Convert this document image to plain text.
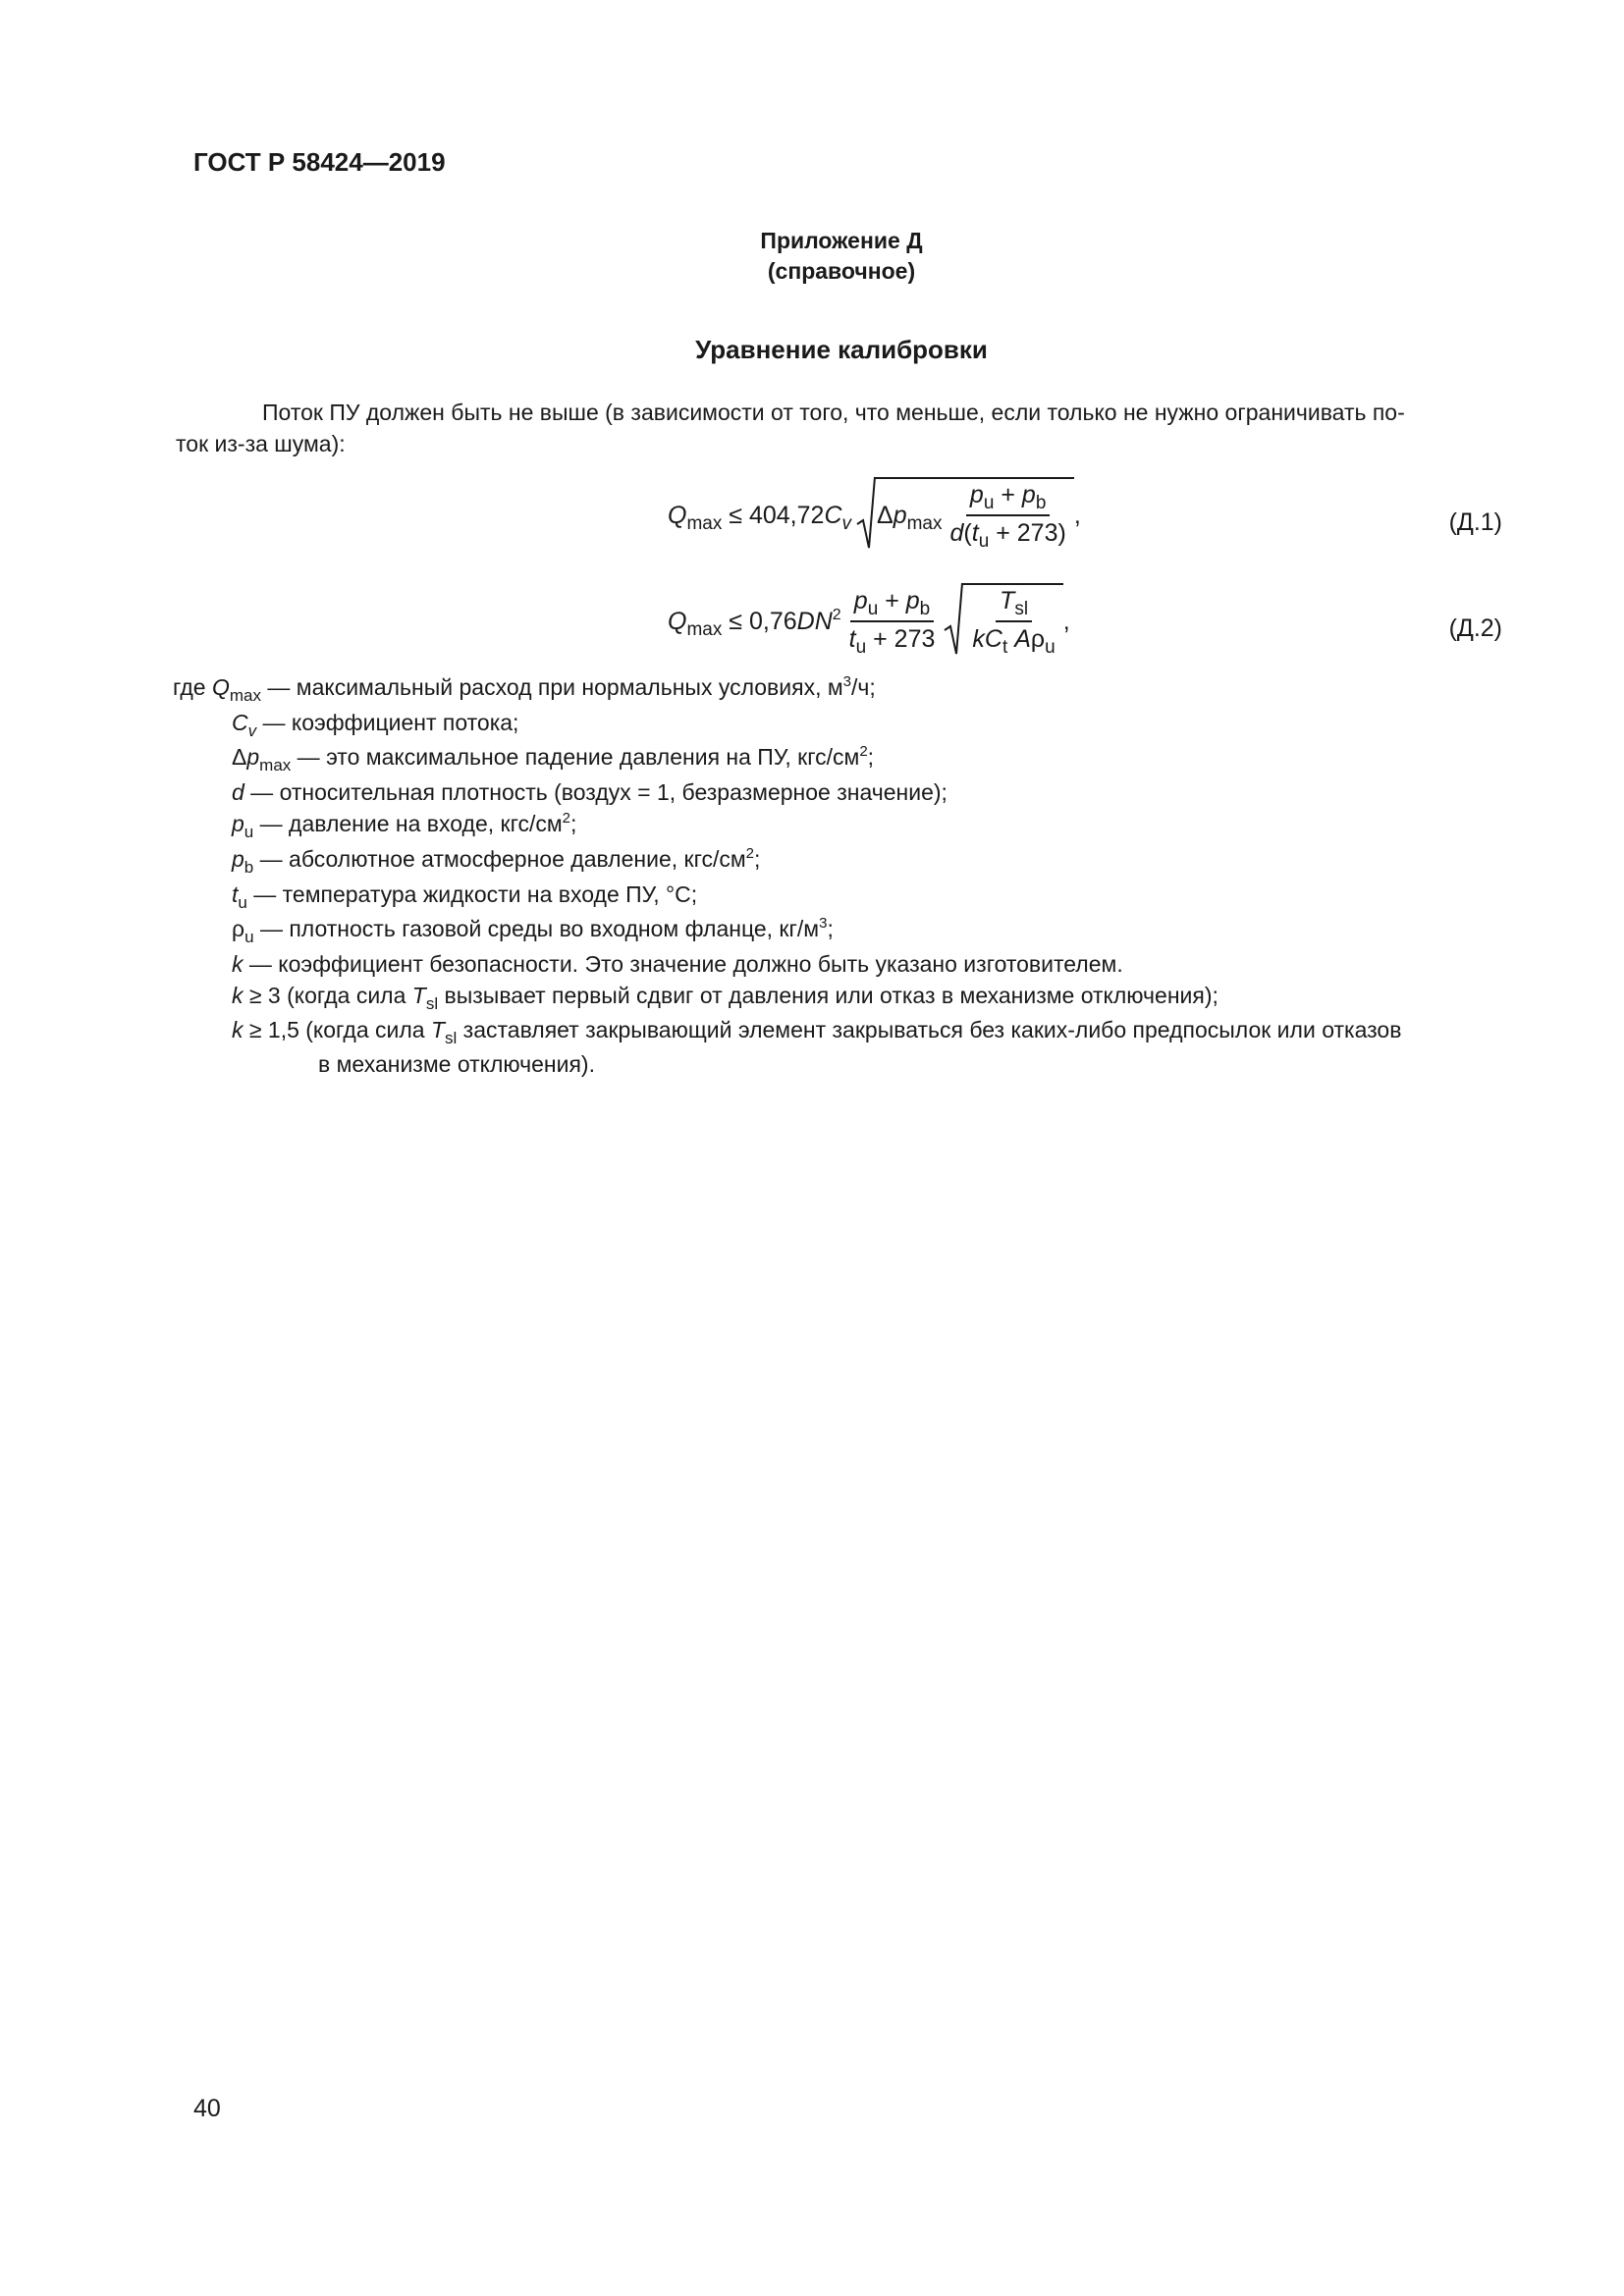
ГОСТ Р 58424—2019
Приложение Д
(справочное)
Уравнение калибровки
Поток ПУ должен быть не выше (в зависимости от того, что меньше, если только не нужно ограничивать по-
ток из-за шума):
$Q_{max} \le 404,72C_v$ $\Delta p_{max} \frac{p_u + p_b}{d(t_u + 273)}$ ,	(Д.1)
$Q_{max} \le 0,76DN^2 \frac{p_u + p_b}{t_u + 273} \frac{T_{sl}}{kC_t A\rho_u}$ ,	(Д.2)
где $Q_{max}$ — максимальный расход при нормальных условиях, $м^3/ч$;
$C_v$ — коэффициент потока;
$\Delta p_{max}$ — это максимальное падение давления на ПУ, кгс/$см^2$;
d — относительная плотность (воздух = 1, безразмерное значение);
$p_u$ — давление на входе, кгс/$см^2$;
$p_b$ — абсолютное атмосферное давление, кгс/$см^2$;
$t_u$ — температура жидкости на входе ПУ, °С;
$\rho_u$ — плотность газовой среды во входном фланце, $кг/м^3$;
k — коэффициент безопасности. Это значение должно быть указано изготовителем.
k ≥ 3 (когда сила $T_{sl}$ вызывает первый сдвиг от давления или отказ в механизме отключения);
k ≥ 1,5 (когда сила $T_{sl}$ заставляет закрывающий элемент закрываться без каких-либо предпосылок или отказов
в механизме отключения).
40
